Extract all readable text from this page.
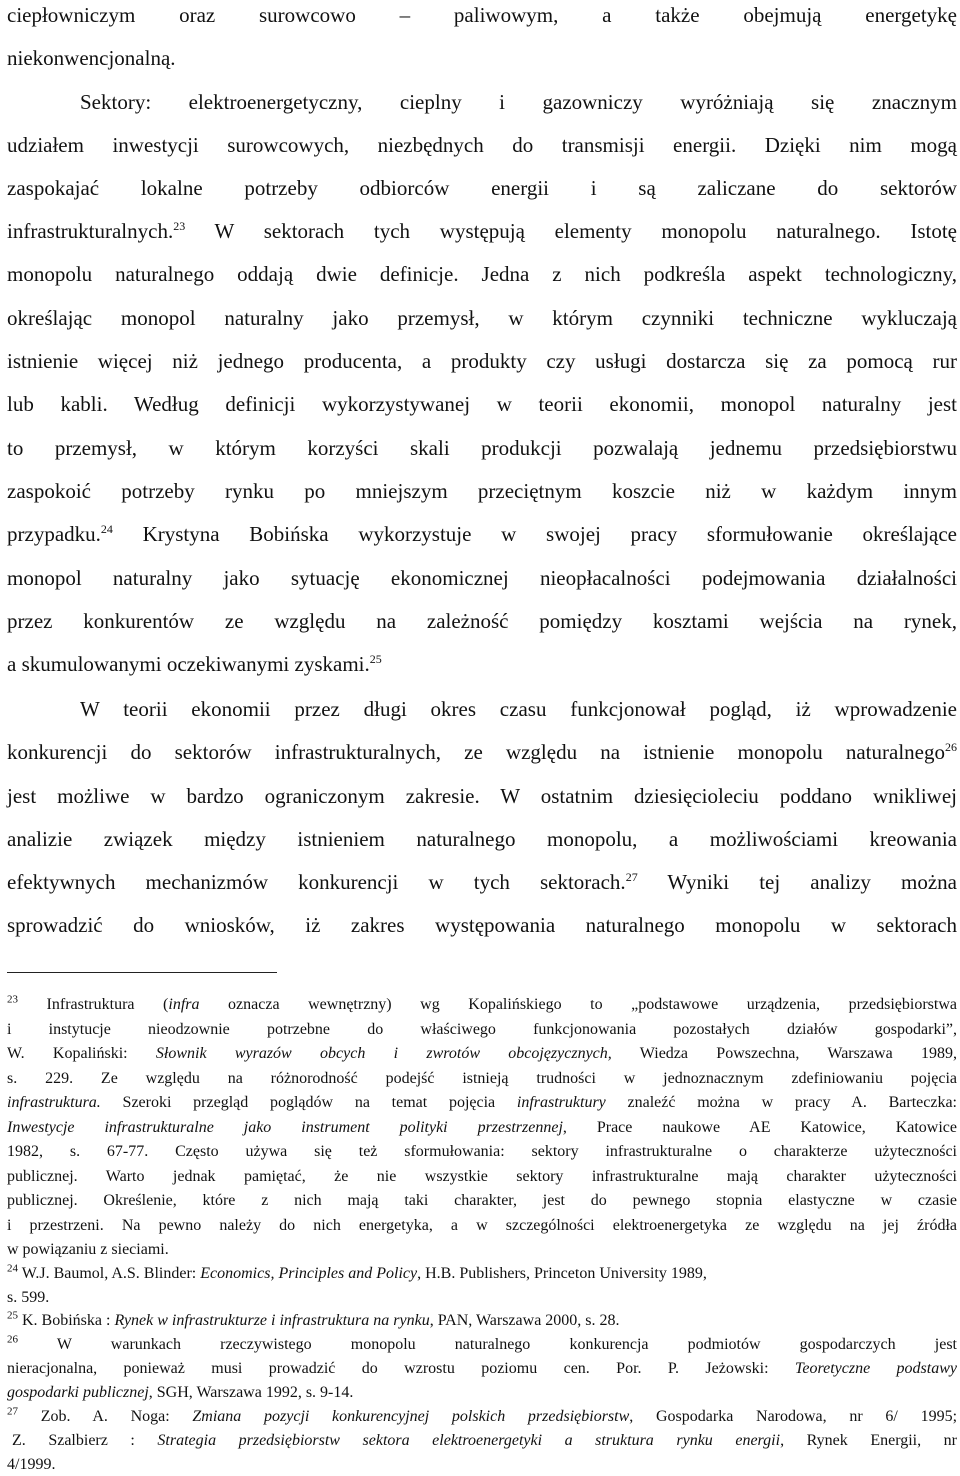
ciepłowniczym oraz surowcowo – paliwowym, a także obejmują energetykę
niekonwencjonalną.
Sektory: elektroenergetyczny, cieplny i gazowniczy wyróżniają się znacznym
udziałem inwestycji surowcowych, niezbędnych do transmisji energii. Dzięki nim mogą
zaspokajać lokalne potrzeby odbiorców energii i są zaliczane do sektorów
infrastrukturalnych.$^{23}$ W sektorach tych występują elementy monopolu naturalnego. Istotę
monopolu naturalnego oddają dwie definicje. Jedna z nich podkreśla aspekt technologiczny,
określając monopol naturalny jako przemysł, w którym czynniki techniczne wykluczają
istnienie więcej niż jednego producenta, a produkty czy usługi dostarcza się za pomocą rur
lub kabli. Według definicji wykorzystywanej w teorii ekonomii, monopol naturalny jest
to przemysł, w którym korzyści skali produkcji pozwalają jednemu przedsiębiorstwu
zaspokoić potrzeby rynku po mniejszym przeciętnym koszcie niż w każdym innym
przypadku.$^{24}$ Krystyna Bobińska wykorzystuje w swojej pracy sformułowanie określające
monopol naturalny jako sytuację ekonomicznej nieopłacalności podejmowania działalności
przez konkurentów ze względu na zależność pomiędzy kosztami wejścia na rynek,
a skumulowanymi oczekiwanymi zyskami.$^{25}$
W teorii ekonomii przez długi okres czasu funkcjonował pogląd, iż wprowadzenie
konkurencji do sektorów infrastrukturalnych, ze względu na istnienie monopolu naturalnego$^{26}$
jest możliwe w bardzo ograniczonym zakresie. W ostatnim dziesięcioleciu poddano wnikliwej
analizie związek między istnieniem naturalnego monopolu, a możliwościami kreowania
efektywnych mechanizmów konkurencji w tych sektorach.$^{27}$ Wyniki tej analizy można
sprowadzić do wniosków, iż zakres występowania naturalnego monopolu w sektorach
$^{23}$ Infrastruktura (infra oznacza wewnętrzny) wg Kopalińskiego to „podstawowe urządzenia, przedsiębiorstwa
i instytucje nieodzownie potrzebne do właściwego funkcjonowania pozostałych działów gospodarki”,
W. Kopaliński: Słownik wyrazów obcych i zwrotów obcojęzycznych, Wiedza Powszechna, Warszawa 1989,
s. 229. Ze względu na różnorodność podejść istnieją trudności w jednoznacznym zdefiniowaniu pojęcia
infrastruktura. Szeroki przegląd poglądów na temat pojęcia infrastruktury znaleźć można w pracy A. Barteczka:
Inwestycje infrastrukturalne jako instrument polityki przestrzennej, Prace naukowe AE Katowice, Katowice
1982, s. 67-77. Często używa się też sformułowania: sektory infrastrukturalne o charakterze użyteczności
publicznej. Warto jednak pamiętać, że nie wszystkie sektory infrastrukturalne mają charakter użyteczności
publicznej. Określenie, które z nich mają taki charakter, jest do pewnego stopnia elastyczne w czasie
i przestrzeni. Na pewno należy do nich energetyka, a w szczególności elektroenergetyka ze względu na jej źródła
w powiązaniu z sieciami.
$^{24}$ W.J. Baumol, A.S. Blinder: Economics, Principles and Policy, H.B. Publishers, Princeton University 1989,
s. 599.
$^{25}$ K. Bobińska : Rynek w infrastrukturze i infrastruktura na rynku, PAN, Warszawa 2000, s. 28.
$^{26}$ W warunkach rzeczywistego monopolu naturalnego konkurencja podmiotów gospodarczych jest
nieracjonalna, ponieważ musi prowadzić do wzrostu poziomu cen. Por. P. Jeżowski: Teoretyczne podstawy
gospodarki publicznej, SGH, Warszawa 1992, s. 9-14.
$^{27}$ Zob. A. Noga: Zmiana pozycji konkurencyjnej polskich przedsiębiorstw, Gospodarka Narodowa, nr 6/ 1995;
Z. Szalbierz : Strategia przedsiębiorstw sektora elektroenergetyki a struktura rynku energii, Rynek Energii, nr
4/1999.
